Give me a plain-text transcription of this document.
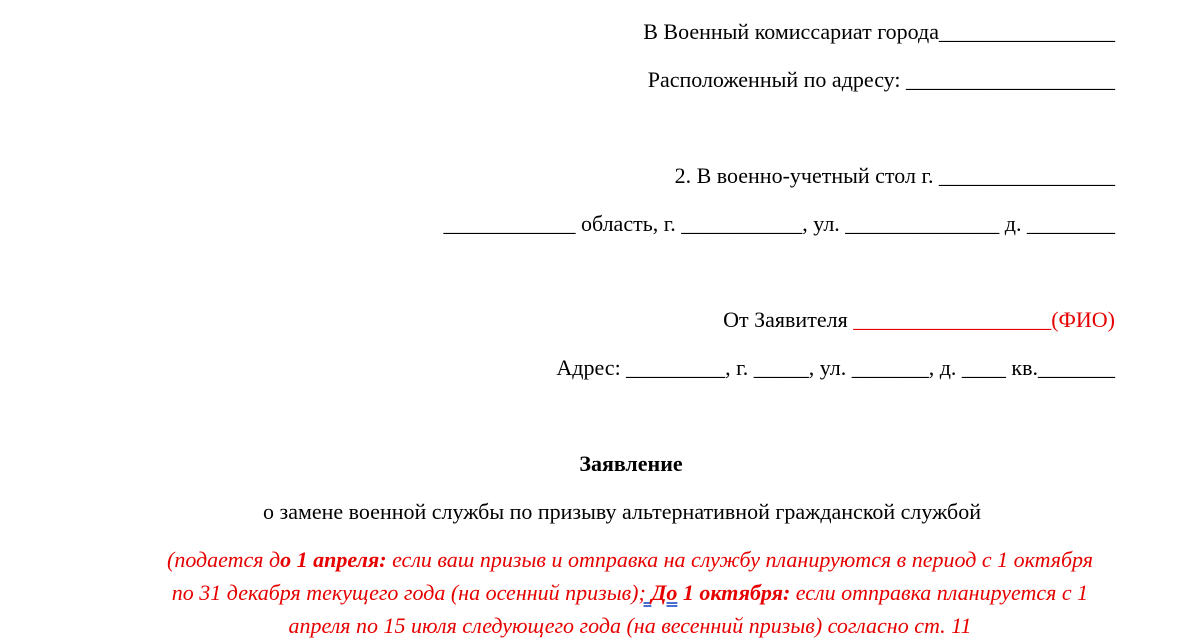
В Военный комиссариат города________________
Расположенный по адресу: ___________________
2. В военно-учетный стол г. ________________
____________ область, г. ___________, ул. ______________ д. ________
От Заявителя __________________(ФИО)
Адрес: _________, г. _____, ул. _______, д. ____ кв._______
Заявление
о замене военной службы по призыву альтернативной гражданской службой
(подается до 1 апреля: если ваш призыв и отправка на службу планируются в период с 1 октября по 31 декабря текущего года (на осенний призыв); До 1 октября: если отправка планируется с 1 апреля по 15 июля следующего года (на весенний призыв) согласно ст. 11
